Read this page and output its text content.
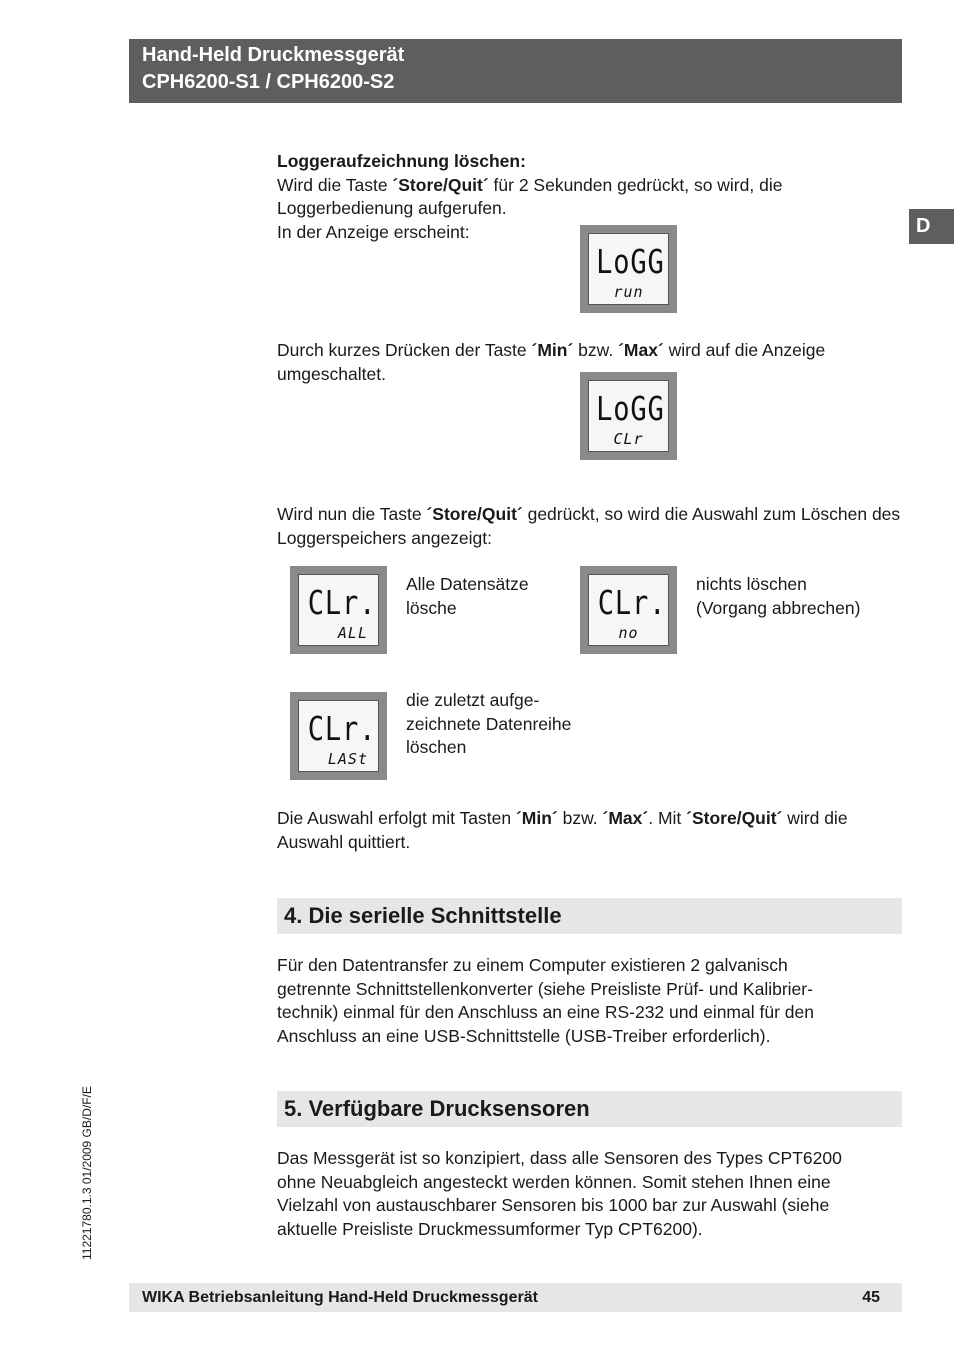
Hand-Held Druckmessgerät
CPH6200-S1 / CPH6200-S2
D

Loggeraufzeichnung löschen:
Wird die Taste ´Store/Quit´ für 2 Sekunden gedrückt, so wird, die Loggerbedienung aufgerufen.
In der Anzeige erscheint:

LoGG
run

Durch kurzes Drücken der Taste ´Min´ bzw. ´Max´ wird auf die Anzeige umgeschaltet.

LoGG
CLr

Wird nun die Taste ´Store/Quit´ gedrückt, so wird die Auswahl zum Löschen des Loggerspeichers angezeigt:

CLr.
ALL

Alle Datensätze
lösche	CLr.
no

nichts löschen
(Vorgang abbrechen)

CLr.
LASt

die zuletzt aufge-
zeichnete Datenreihe
löschen

Die Auswahl erfolgt mit Tasten ´Min´ bzw. ´Max´. Mit ´Store/Quit´ wird die Auswahl quittiert.

4. Die serielle Schnittstelle

Für den Datentransfer zu einem Computer existieren 2 galvanisch
getrennte Schnittstellenkonverter (siehe Preisliste Prüf- und Kalibrier-
technik) einmal für den Anschluss an eine RS-232 und einmal für den
Anschluss an eine USB-Schnittstelle (USB-Treiber erforderlich).

5. Verfügbare Drucksensoren

Das Messgerät ist so konzipiert, dass alle Sensoren des Types CPT6200
ohne Neuabgleich angesteckt werden können. Somit stehen Ihnen eine
Vielzahl von austauschbarer Sensoren bis 1000 bar zur Auswahl (siehe
aktuelle Preisliste Druckmessumformer Typ CPT6200).

11221780.1.3 01/2009 GB/D/F/E
WIKA Betriebsanleitung Hand-Held Druckmessgerät	45
